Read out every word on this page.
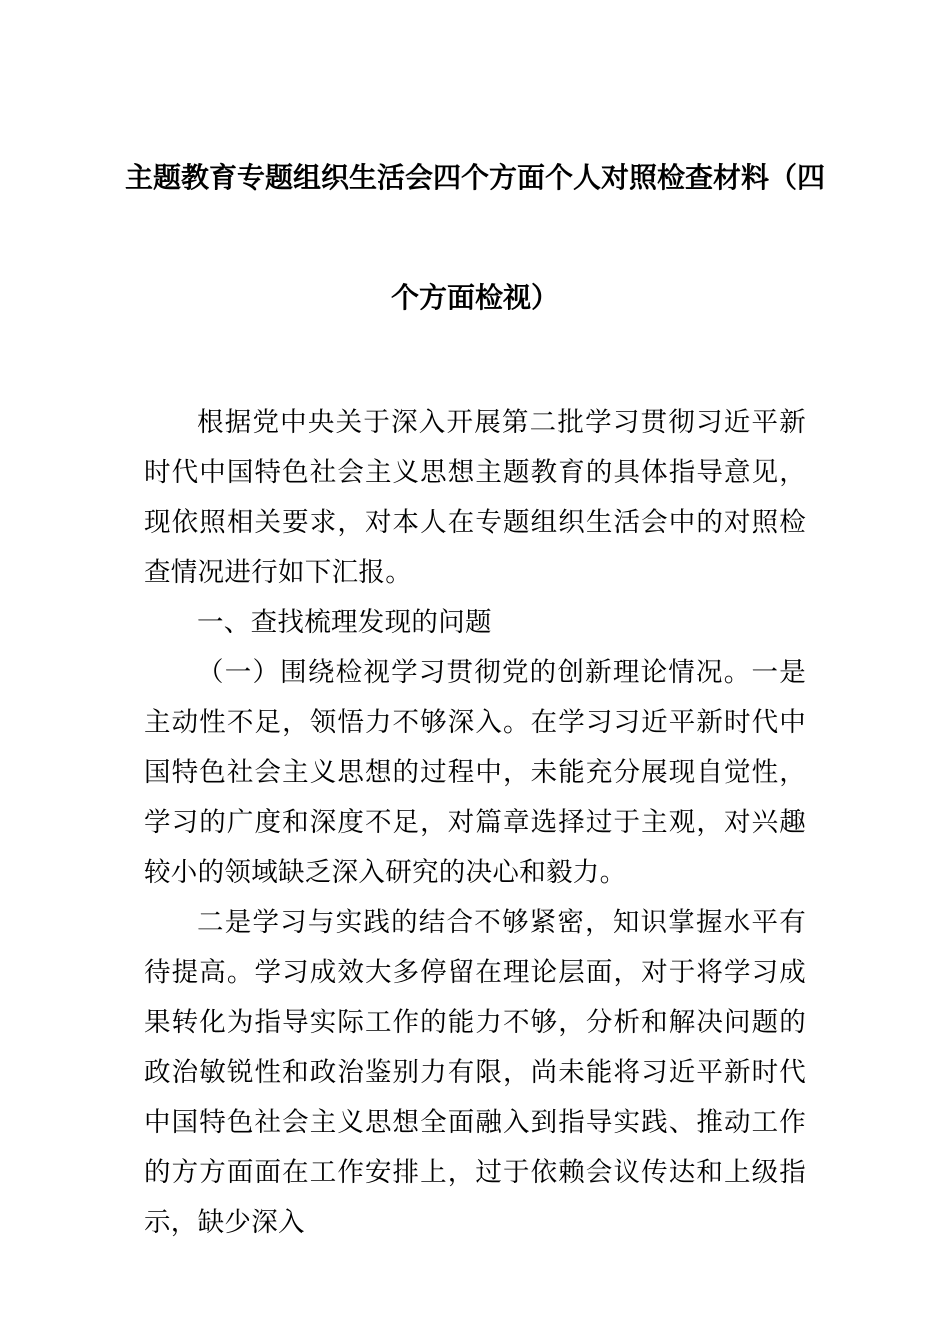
主题教育专题组织生活会四个方面个人对照检查材料（四
个方面检视）

根据党中央关于深入开展第二批学习贯彻习近平新时代中国特色社会主义思想主题教育的具体指导意见，现依照相关要求，对本人在专题组织生活会中的对照检查情况进行如下汇报。

一、查找梳理发现的问题

（一）围绕检视学习贯彻党的创新理论情况。一是主动性不足，领悟力不够深入。在学习习近平新时代中国特色社会主义思想的过程中，未能充分展现自觉性，学习的广度和深度不足，对篇章选择过于主观，对兴趣较小的领域缺乏深入研究的决心和毅力。

二是学习与实践的结合不够紧密，知识掌握水平有待提高。学习成效大多停留在理论层面，对于将学习成果转化为指导实际工作的能力不够，分析和解决问题的政治敏锐性和政治鉴别力有限，尚未能将习近平新时代中国特色社会主义思想全面融入到指导实践、推动工作的方方面面在工作安排上，过于依赖会议传达和上级指示，缺少深入
